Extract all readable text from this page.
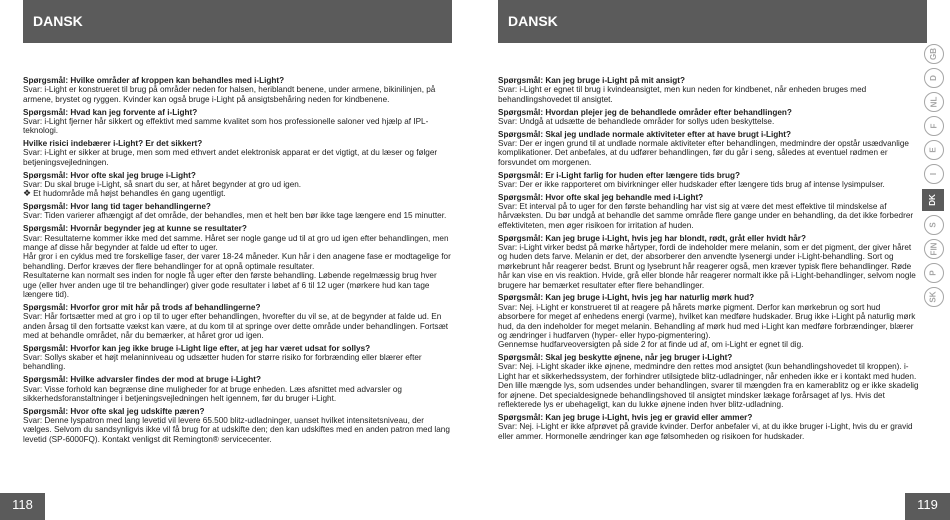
DANSK
Spørgsmål: Hvilke områder af kroppen kan behandles med i-Light?
Svar: i-Light er konstrueret til brug på områder neden for halsen, heriblandt benene, under armene, bikinilinjen, på armene, brystet og ryggen. Kvinder kan også bruge i-Light på ansigtsbehåring neden for kindbenene.
Spørgsmål: Hvad kan jeg forvente af i-Light?
Svar: i-Light fjerner hår sikkert og effektivt med samme kvalitet som hos professionelle saloner ved hjælp af IPL-teknologi.
Hvilke risici indebærer i-Light? Er det sikkert?
Svar: i-Light er sikker at bruge, men som med ethvert andet elektronisk apparat er det vigtigt, at du læser og følger betjeningsvejledningen.
Spørgsmål: Hvor ofte skal jeg bruge i-Light?
Svar: Du skal bruge i-Light, så snart du ser, at håret begynder at gro ud igen.
❖ Et hudområde må højst behandles én gang ugentligt.
Spørgsmål: Hvor lang tid tager behandlingerne?
Svar: Tiden varierer afhængigt af det område, der behandles, men et helt ben bør ikke tage længere end 15 minutter.
Spørgsmål: Hvornår begynder jeg at kunne se resultater?
Svar: Resultaterne kommer ikke med det samme. Håret ser nogle gange ud til at gro ud igen efter behandlingen, men mange af disse hår begynder at falde ud efter to uger.
Hår gror i en cyklus med tre forskellige faser, der varer 18-24 måneder. Kun hår i den anagene fase er modtagelige for behandling. Derfor kræves der flere behandlinger for at opnå optimale resultater.
Resultaterne kan normalt ses inden for nogle få uger efter den første behandling. Løbende regelmæssig brug hver uge (eller hver anden uge til tre behandlinger) giver gode resultater i løbet af 6 til 12 uger (mørkere hud kan tage længere tid).
Spørgsmål: Hvorfor gror mit hår på trods af behandlingerne?
Svar: Hår fortsætter med at gro i op til to uger efter behandlingen, hvorefter du vil se, at de begynder at falde ud. En anden årsag til den fortsatte vækst kan være, at du kom til at springe over dette område under behandlingen. Fortsæt med at behandle området, når du bemærker, at håret gror ud igen.
Spørgsmål: Hvorfor kan jeg ikke bruge i-Light lige efter, at jeg har været udsat for sollys?
Svar: Sollys skaber et højt melaninniveau og udsætter huden for større risiko for forbrænding eller blærer efter behandling.
Spørgsmål: Hvilke advarsler findes der mod at bruge i-Light?
Svar: Visse forhold kan begrænse dine muligheder for at bruge enheden. Læs afsnittet med advarsler og sikkerhedsforanstaltninger i betjeningsvejledningen helt igennem, før du bruger i-Light.
Spørgsmål: Hvor ofte skal jeg udskifte pæren?
Svar: Denne lyspatron med lang levetid vil levere 65.500 blitz-udladninger, uanset hvilket intensitetsniveau, der vælges. Selvom du sandsynligvis ikke vil få brug for at udskifte den; den kan udskiftes med en anden patron med lang levetid (SP-6000FQ). Kontakt venligst dit Remington® servicecenter.
118
DANSK
Spørgsmål: Kan jeg bruge i-Light på mit ansigt?
Svar: i-Light er egnet til brug i kvindeansigtet, men kun neden for kindbenet, når enheden bruges med behandlingshovedet til ansigtet.
Spørgsmål: Hvordan plejer jeg de behandlede områder efter behandlingen?
Svar: Undgå at udsætte de behandlede områder for sollys uden beskyttelse.
Spørgsmål: Skal jeg undlade normale aktiviteter efter at have brugt i-Light?
Svar: Der er ingen grund til at undlade normale aktiviteter efter behandlingen, medmindre der opstår usædvanlige komplikationer. Det anbefales, at du udfører behandlingen, før du går i seng, således at eventuel rødmen er forsvundet om morgenen.
Spørgsmål: Er i-Light farlig for huden efter længere tids brug?
Svar: Der er ikke rapporteret om bivirkninger eller hudskader efter længere tids brug af intense lysimpulser.
Spørgsmål: Hvor ofte skal jeg behandle med i-Light?
Svar: Et interval på to uger for den første behandling har vist sig at være det mest effektive til mindskelse af hårvæksten. Du bør undgå at behandle det samme område flere gange under en behandling, da det ikke forbedrer effektiviteten, men øger risikoen for irritation af huden.
Spørgsmål: Kan jeg bruge i-Light, hvis jeg har blondt, rødt, gråt eller hvidt hår?
Svar: i-Light virker bedst på mørke hårtyper, fordi de indeholder mere melanin, som er det pigment, der giver håret og huden dets farve. Melanin er det, der absorberer den anvendte lysenergi under i-Light-behandling. Sort og mørkebrunt hår reagerer bedst. Brunt og lysebrunt hår reagerer også, men kræver typisk flere behandlinger. Røde hår kan vise en vis reaktion. Hvide, grå eller blonde hår reagerer normalt ikke på i-Light-behandlinger, selvom nogle brugere har bemærket resultater efter flere behandlinger.
Spørgsmål: Kan jeg bruge i-Light, hvis jeg har naturlig mørk hud?
Svar: Nej. i-Light er konstrueret til at reagere på hårets mørke pigment. Derfor kan mørkebrun og sort hud absorbere for meget af enhedens energi (varme), hvilket kan medføre hudskader. Brug ikke i-Light på naturlig mørk hud, da den indeholder for meget melanin. Behandling af mørk hud med i-Light kan medføre forbrændinger, blærer og ændringer i hudfarven (hyper- eller hypo-pigmentering).
Gennemse hudfarveoversigten på side 2 for at finde ud af, om i-Light er egnet til dig.
Spørgsmål: Skal jeg beskytte øjnene, når jeg bruger i-Light?
Svar: Nej. i-Light skader ikke øjnene, medmindre den rettes mod ansigtet (kun behandlingshovedet til kroppen). i-Light har et sikkerhedssystem, der forhindrer utilsigtede blitz-udladninger, når enheden ikke er i kontakt med huden. Den lille mængde lys, som udsendes under behandlingen, svarer til mængden fra en kamerablitz og er ikke skadelig for øjnene. Det specialdesignede behandlingshoved til ansigtet mindsker lækage forårsaget af lys. Hvis det reflekterede lys er ubehageligt, kan du lukke øjnene inden hver blitz-udladning.
Spørgsmål: Kan jeg bruge i-Light, hvis jeg er gravid eller ammer?
Svar: Nej. i-Light er ikke afprøvet på gravide kvinder. Derfor anbefaler vi, at du ikke bruger i-Light, hvis du er gravid eller ammer. Hormonelle ændringer kan øge følsomheden og risikoen for hudskader.
119
GB
D
NL
F
E
I
DK
S
FIN
P
SK
